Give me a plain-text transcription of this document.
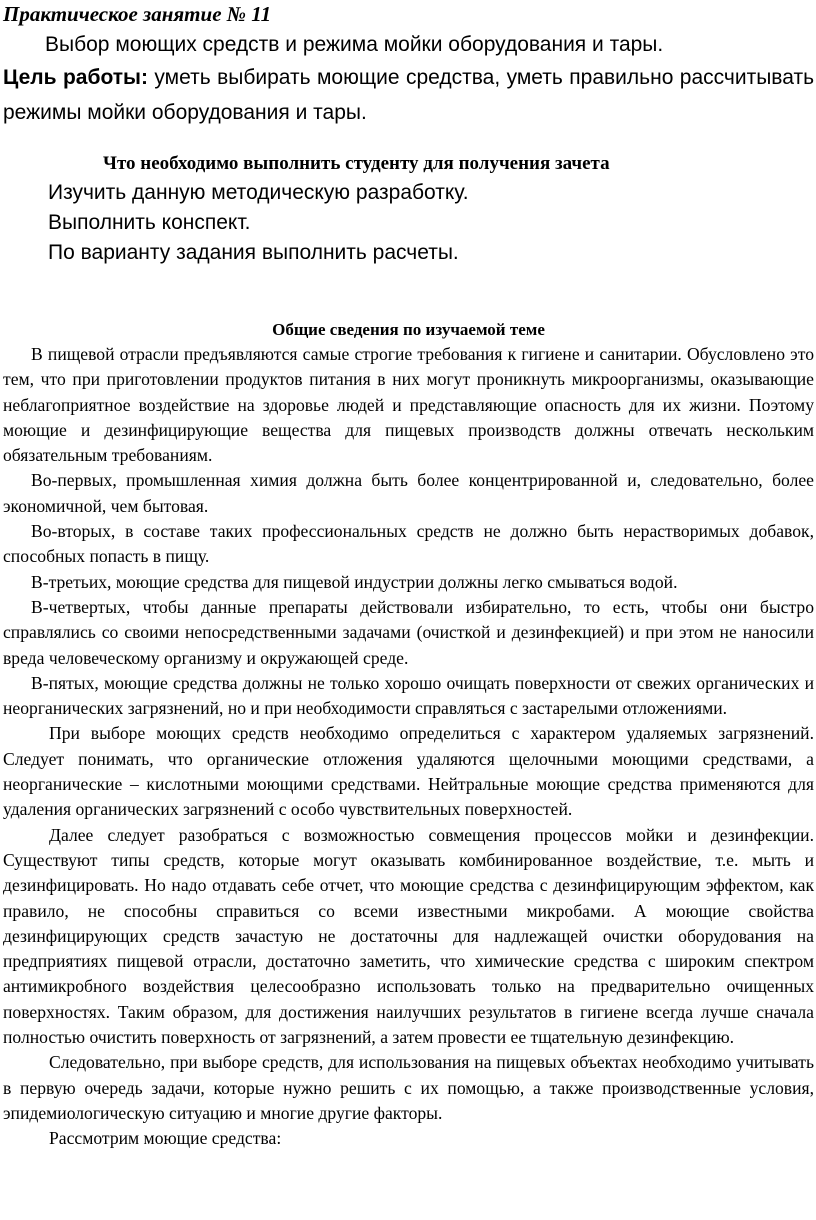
Практическое занятие № 11

Выбор моющих средств и режима мойки оборудования и тары.

Цель работы: уметь выбирать моющие средства, уметь правильно рассчитывать режимы мойки оборудования и тары.

Что необходимо выполнить студенту для получения зачета
Изучить данную методическую разработку.
Выполнить конспект.
По варианту задания выполнить расчеты.
Общие сведения по изучаемой теме

В пищевой отрасли предъявляются самые строгие требования к гигиене и санитарии. Обусловлено это тем, что при приготовлении продуктов питания в них могут проникнуть микроорганизмы, оказывающие неблагоприятное воздействие на здоровье людей и представляющие опасность для их жизни. Поэтому моющие и дезинфицирующие вещества для пищевых производств должны отвечать нескольким обязательным требованиям.

Во-первых, промышленная химия должна быть более концентрированной и, следовательно, более экономичной, чем бытовая.

Во-вторых, в составе таких профессиональных средств не должно быть нерастворимых добавок, способных попасть в пищу.

В-третьих, моющие средства для пищевой индустрии должны легко смываться водой.

В-четвертых, чтобы данные препараты действовали избирательно, то есть, чтобы они быстро справлялись со своими непосредственными задачами (очисткой и дезинфекцией) и при этом не наносили вреда человеческому организму и окружающей среде.

В-пятых, моющие средства должны не только хорошо очищать поверхности от свежих органических и неорганических загрязнений, но и при необходимости справляться с застарелыми отложениями.

При выборе моющих средств необходимо определиться с характером удаляемых загрязнений. Следует понимать, что органические отложения удаляются щелочными моющими средствами, а неорганические – кислотными моющими средствами. Нейтральные моющие средства применяются для удаления органических загрязнений с особо чувствительных поверхностей.

Далее следует разобраться с возможностью совмещения процессов мойки и дезинфекции. Существуют типы средств, которые могут оказывать комбинированное воздействие, т.е. мыть и дезинфицировать. Но надо отдавать себе отчет, что моющие средства с дезинфицирующим эффектом, как правило, не способны справиться со всеми известными микробами. А моющие свойства дезинфицирующих средств зачастую не достаточны для надлежащей очистки оборудования на предприятиях пищевой отрасли, достаточно заметить, что химические средства с широким спектром антимикробного воздействия целесообразно использовать только на предварительно очищенных поверхностях. Таким образом, для достижения наилучших результатов в гигиене всегда лучше сначала полностью очистить поверхность от загрязнений, а затем провести ее тщательную дезинфекцию.

Следовательно, при выборе средств, для использования на пищевых объектах необходимо учитывать в первую очередь задачи, которые нужно решить с их помощью, а также производственные условия, эпидемиологическую ситуацию и многие другие факторы.

Рассмотрим моющие средства:
